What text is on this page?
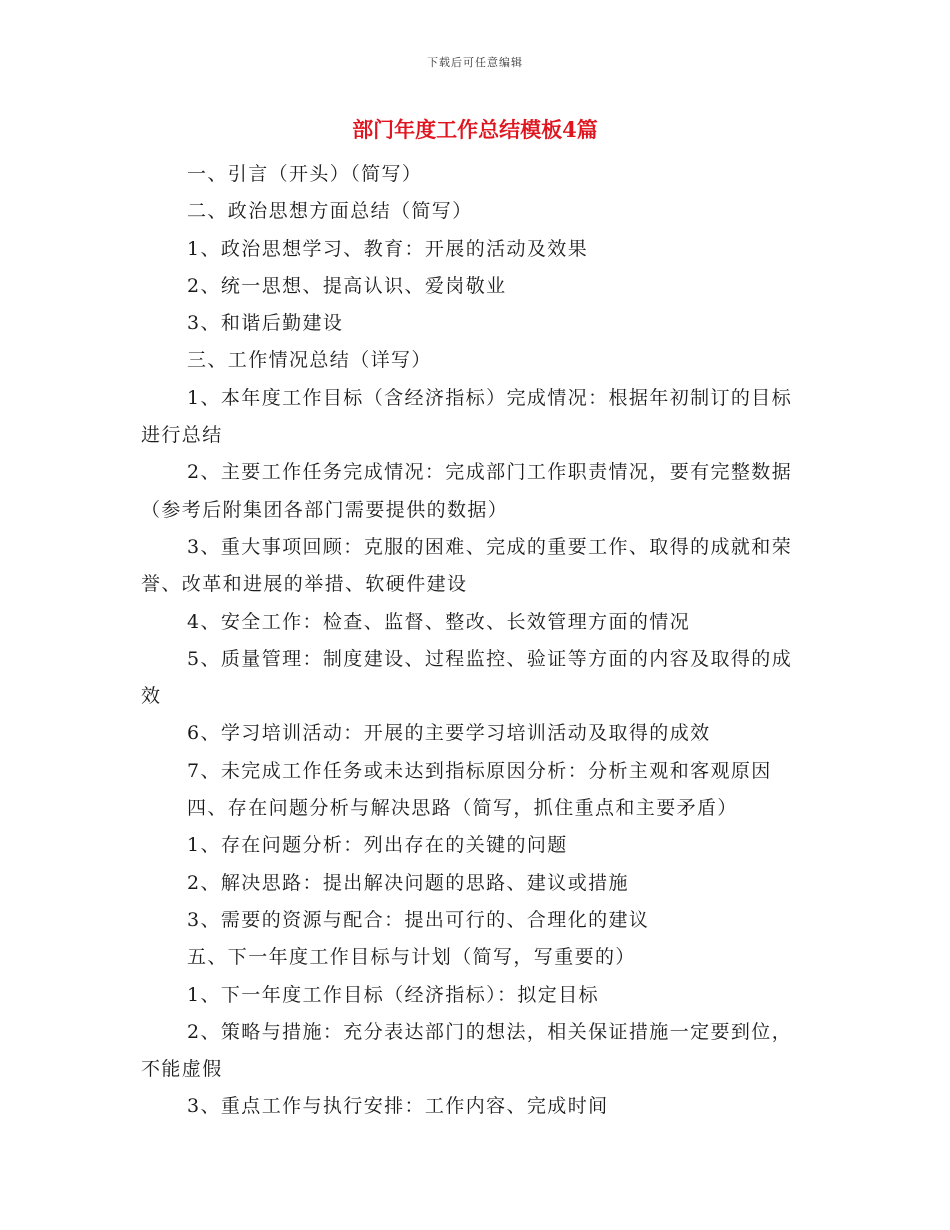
下载后可任意编辑
部门年度工作总结模板4篇

一、引言（开头）（简写）

二、政治思想方面总结（简写）

1、政治思想学习、教育：开展的活动及效果

2、统一思想、提高认识、爱岗敬业

3、和谐后勤建设

三、工作情况总结（详写）

1、本年度工作目标（含经济指标）完成情况：根据年初制订的目标进行总结

2、主要工作任务完成情况：完成部门工作职责情况，要有完整数据（参考后附集团各部门需要提供的数据）

3、重大事项回顾：克服的困难、完成的重要工作、取得的成就和荣誉、改革和进展的举措、软硬件建设

4、安全工作：检查、监督、整改、长效管理方面的情况

5、质量管理：制度建设、过程监控、验证等方面的内容及取得的成效

6、学习培训活动：开展的主要学习培训活动及取得的成效

7、未完成工作任务或未达到指标原因分析：分析主观和客观原因

四、存在问题分析与解决思路（简写，抓住重点和主要矛盾）

1、存在问题分析：列出存在的关键的问题

2、解决思路：提出解决问题的思路、建议或措施

3、需要的资源与配合：提出可行的、合理化的建议

五、下一年度工作目标与计划（简写，写重要的）

1、下一年度工作目标（经济指标）：拟定目标

2、策略与措施：充分表达部门的想法，相关保证措施一定要到位，不能虚假

3、重点工作与执行安排：工作内容、完成时间
